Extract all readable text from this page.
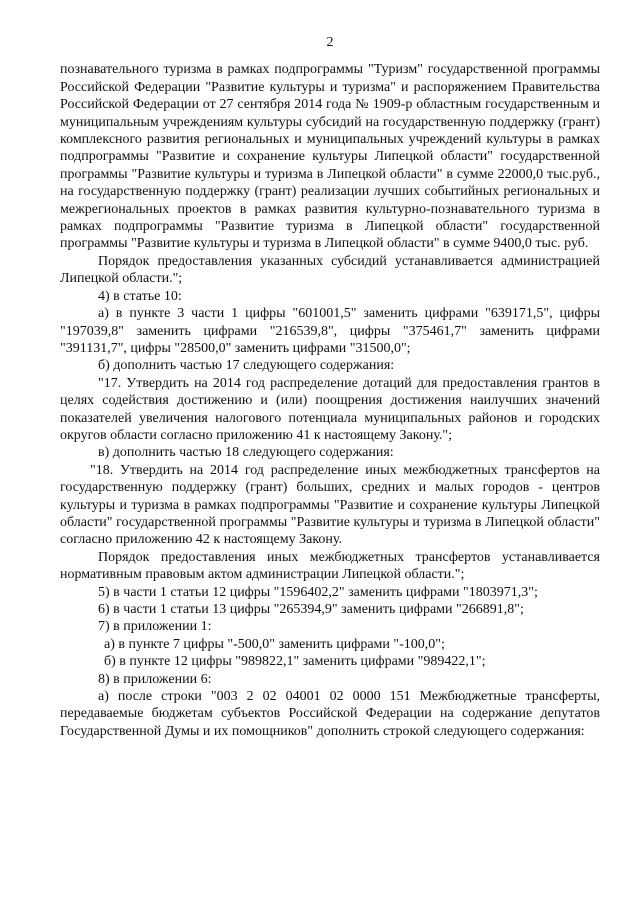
2

познавательного туризма в рамках подпрограммы "Туризм" государственной программы Российской Федерации "Развитие культуры и туризма" и распоряжением Правительства Российской Федерации от 27 сентября 2014 года № 1909-р областным государственным и муниципальным учреждениям культуры субсидий на государственную поддержку (грант) комплексного развития региональных и муниципальных учреждений культуры в рамках подпрограммы "Развитие и сохранение культуры Липецкой области" государственной программы "Развитие культуры и туризма в Липецкой области" в сумме 22000,0 тыс.руб., на государственную поддержку (грант) реализации лучших событийных региональных и межрегиональных проектов в рамках развития культурно-познавательного туризма в рамках подпрограммы "Развитие туризма в Липецкой области" государственной программы "Развитие культуры и туризма в Липецкой области" в сумме 9400,0 тыс. руб.

Порядок предоставления указанных субсидий устанавливается администрацией Липецкой области.";

4) в статье 10:

а) в пункте 3 части 1 цифры "601001,5" заменить цифрами "639171,5", цифры "197039,8" заменить цифрами "216539,8", цифры "375461,7" заменить цифрами "391131,7", цифры "28500,0" заменить цифрами "31500,0";

б) дополнить частью 17 следующего содержания:

"17. Утвердить на 2014 год распределение дотаций для предоставления грантов в целях содействия достижению и (или) поощрения достижения наилучших значений показателей увеличения налогового потенциала муниципальных районов и городских округов области согласно приложению 41 к настоящему Закону.";

в) дополнить частью 18 следующего содержания:

"18. Утвердить на 2014 год распределение иных межбюджетных трансфертов на государственную поддержку (грант) больших, средних и малых городов - центров культуры и туризма в рамках подпрограммы "Развитие и сохранение культуры Липецкой области" государственной программы "Развитие культуры и туризма в Липецкой области" согласно приложению 42 к настоящему Закону.

Порядок предоставления иных межбюджетных трансфертов устанавливается нормативным правовым актом администрации Липецкой области.";

5) в части 1 статьи 12 цифры "1596402,2" заменить цифрами "1803971,3";

6) в части 1 статьи 13 цифры "265394,9" заменить цифрами "266891,8";

7) в приложении 1:

а) в пункте 7 цифры "-500,0" заменить цифрами "-100,0";

б) в пункте 12 цифры "989822,1" заменить цифрами "989422,1";

8) в приложении 6:

а) после строки "003 2 02 04001 02 0000 151 Межбюджетные трансферты, передаваемые бюджетам субъектов Российской Федерации на содержание депутатов Государственной Думы и их помощников" дополнить строкой следующего содержания:
